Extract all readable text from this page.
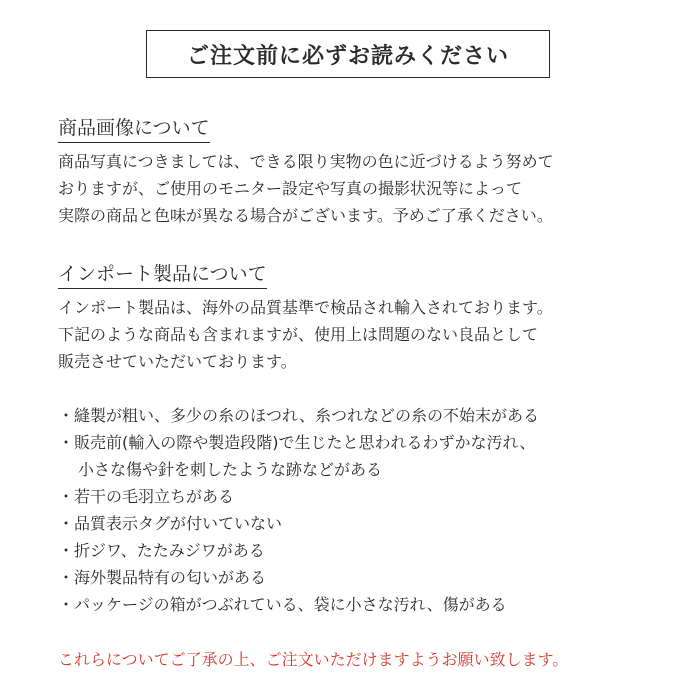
ご注文前に必ずお読みください
商品画像について

商品写真につきましては、できる限り実物の色に近づけるよう努めて
おりますが、ご使用のモニター設定や写真の撮影状況等によって
実際の商品と色味が異なる場合がございます。予めご了承ください。

インポート製品について

インポート製品は、海外の品質基準で検品され輸入されております。
下記のような商品も含まれますが、使用上は問題のない良品として
販売させていただいております。

・縫製が粗い、多少の糸のほつれ、糸つれなどの糸の不始末がある
・販売前(輸入の際や製造段階)で生じたと思われるわずかな汚れ、
小さな傷や針を刺したような跡などがある
・若干の毛羽立ちがある
・品質表示タグが付いていない
・折ジワ、たたみジワがある
・海外製品特有の匂いがある
・パッケージの箱がつぶれている、袋に小さな汚れ、傷がある
これらについてご了承の上、ご注文いただけますようお願い致します。
